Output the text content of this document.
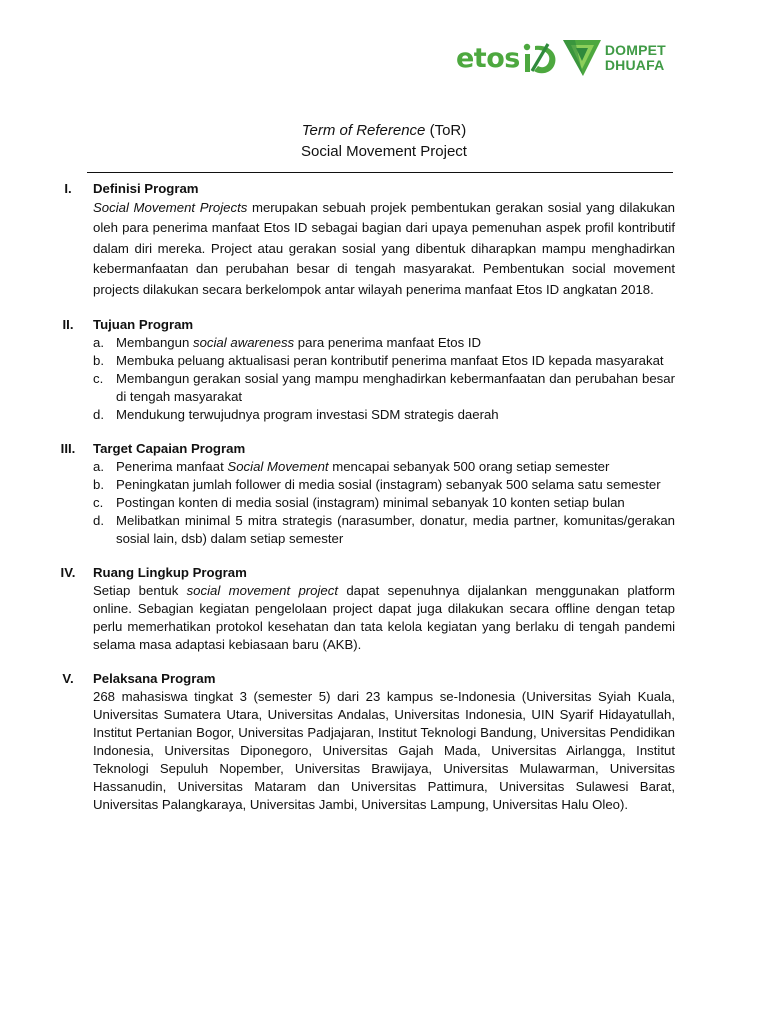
etos	DOMPET
DHUAFA
Term of Reference (ToR)
Social Movement Project
I.	Definisi Program
Social Movement Projects merupakan sebuah projek pembentukan gerakan sosial yang dilakukan oleh para penerima manfaat Etos ID sebagai bagian dari upaya pemenuhan aspek profil kontributif dalam diri mereka. Project atau gerakan sosial yang dibentuk diharapkan mampu menghadirkan kebermanfaatan dan perubahan besar di tengah masyarakat. Pembentukan social movement projects dilakukan secara berkelompok antar wilayah penerima manfaat Etos ID angkatan 2018.
II.	Tujuan Program
a. Membangun social awareness para penerima manfaat Etos ID
b. Membuka peluang aktualisasi peran kontributif penerima manfaat Etos ID kepada masyarakat
c. Membangun gerakan sosial yang mampu menghadirkan kebermanfaatan dan perubahan besar di tengah masyarakat
d. Mendukung terwujudnya program investasi SDM strategis daerah
III.	Target Capaian Program
a. Penerima manfaat Social Movement mencapai sebanyak 500 orang setiap semester
b. Peningkatan jumlah follower di media sosial (instagram) sebanyak 500 selama satu semester
c. Postingan konten di media sosial (instagram) minimal sebanyak 10 konten setiap bulan
d. Melibatkan minimal 5 mitra strategis (narasumber, donatur, media partner, komunitas/gerakan sosial lain, dsb) dalam setiap semester
IV.	Ruang Lingkup Program
Setiap bentuk social movement project dapat sepenuhnya dijalankan menggunakan platform online. Sebagian kegiatan pengelolaan project dapat juga dilakukan secara offline dengan tetap perlu memerhatikan protokol kesehatan dan tata kelola kegiatan yang berlaku di tengah pandemi selama masa adaptasi kebiasaan baru (AKB).
V.	Pelaksana Program
268 mahasiswa tingkat 3 (semester 5) dari 23 kampus se-Indonesia (Universitas Syiah Kuala, Universitas Sumatera Utara, Universitas Andalas, Universitas Indonesia, UIN Syarif Hidayatullah, Institut Pertanian Bogor, Universitas Padjajaran, Institut Teknologi Bandung, Universitas Pendidikan Indonesia, Universitas Diponegoro, Universitas Gajah Mada, Universitas Airlangga, Institut Teknologi Sepuluh Nopember, Universitas Brawijaya, Universitas Mulawarman, Universitas Hassanudin, Universitas Mataram dan Universitas Pattimura, Universitas Sulawesi Barat, Universitas Palangkaraya, Universitas Jambi, Universitas Lampung, Universitas Halu Oleo).
